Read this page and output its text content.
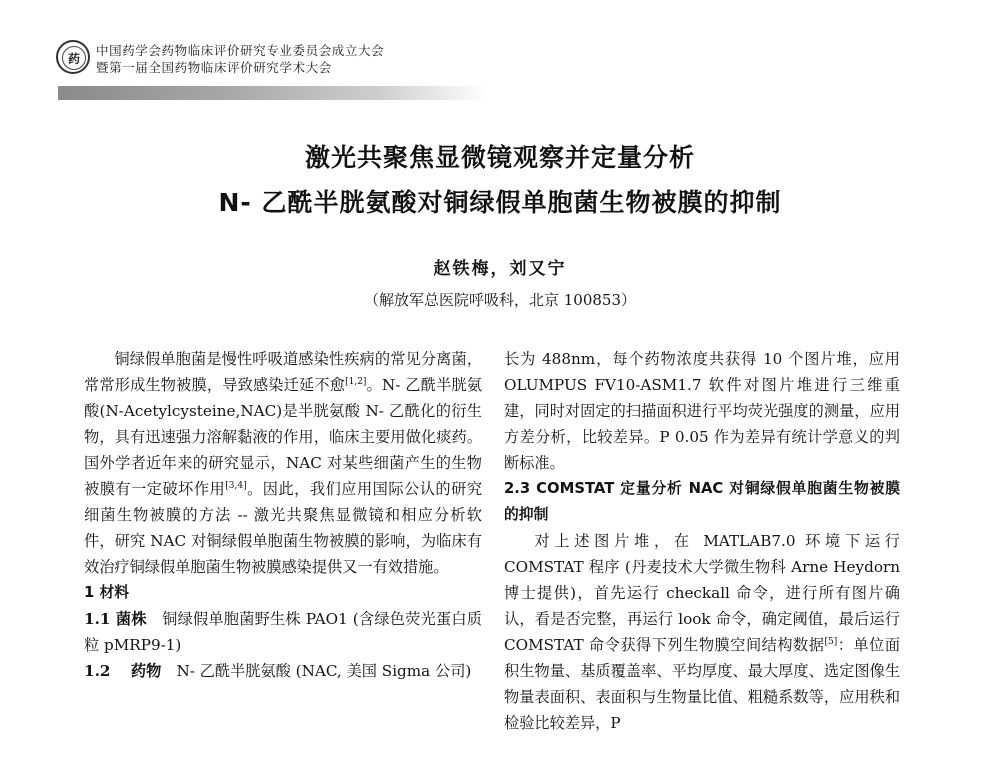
药
中国药学会药物临床评价研究专业委员会成立大会
暨第一届全国药物临床评价研究学术大会
激光共聚焦显微镜观察并定量分析
N- 乙酰半胱氨酸对铜绿假单胞菌生物被膜的抑制
赵铁梅，刘又宁
（解放军总医院呼吸科，北京 100853）

铜绿假单胞菌是慢性呼吸道感染性疾病的常见分离菌，常常形成生物被膜，导致感染迁延不愈[1,2]。N- 乙酰半胱氨酸(N-Acetylcysteine,NAC)是半胱氨酸 N- 乙酰化的衍生物，具有迅速强力溶解黏液的作用，临床主要用做化痰药。国外学者近年来的研究显示，NAC 对某些细菌产生的生物被膜有一定破坏作用[3,4]。因此，我们应用国际公认的研究细菌生物被膜的方法 -- 激光共聚焦显微镜和相应分析软件，研究 NAC 对铜绿假单胞菌生物被膜的影响，为临床有效治疗铜绿假单胞菌生物被膜感染提供又一有效措施。

1 材料

1.1 菌株　铜绿假单胞菌野生株 PAO1 (含绿色荧光蛋白质粒 pMRP9-1)

1.2 　药物　N- 乙酰半胱氨酸 (NAC, 美国 Sigma 公司)

长为 488nm，每个药物浓度共获得 10 个图片堆，应用 OLUMPUS FV10-ASM1.7 软件对图片堆进行三维重建，同时对固定的扫描面积进行平均荧光强度的测量，应用方差分析，比较差异。P 0.05 作为差异有统计学意义的判断标准。

2.3 COMSTAT 定量分析 NAC 对铜绿假单胞菌生物被膜的抑制

对上述图片堆，在 MATLAB7.0 环境下运行 COMSTAT 程序 (丹麦技术大学微生物科 Arne Heydorn 博士提供)，首先运行 checkall 命令，进行所有图片确认，看是否完整，再运行 look 命令，确定阈值，最后运行 COMSTAT 命令获得下列生物膜空间结构数据[5]：单位面积生物量、基质覆盖率、平均厚度、最大厚度、选定图像生物量表面积、表面积与生物量比值、粗糙系数等，应用秩和检验比较差异，P
